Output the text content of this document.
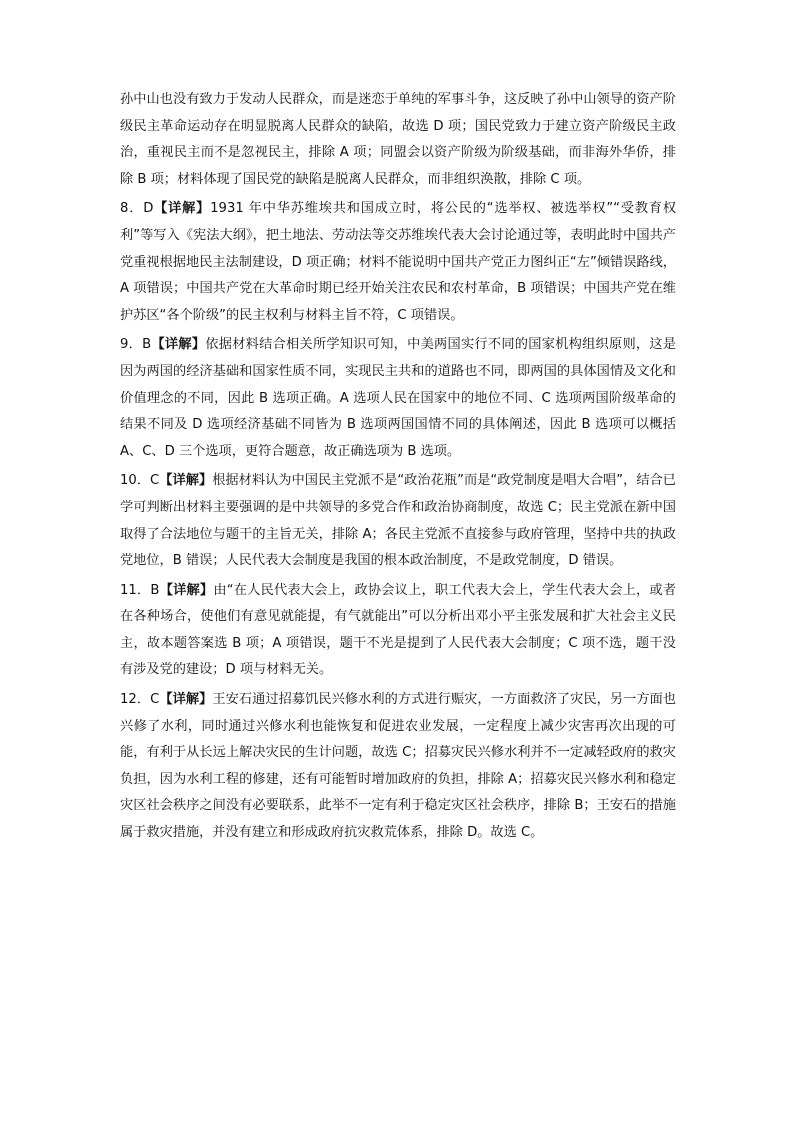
孙中山也没有致力于发动人民群众，而是迷恋于单纯的军事斗争，这反映了孙中山领导的资产阶级民主革命运动存在明显脱离人民群众的缺陷，故选 D 项；国民党致力于建立资产阶级民主政治，重视民主而不是忽视民主，排除 A 项；同盟会以资产阶级为阶级基础，而非海外华侨，排除 B 项；材料体现了国民党的缺陷是脱离人民群众，而非组织涣散，排除 C 项。

8．D【详解】1931 年中华苏维埃共和国成立时，将公民的“选举权、被选举权”“受教育权利”等写入《宪法大纲》，把土地法、劳动法等交苏维埃代表大会讨论通过等，表明此时中国共产党重视根据地民主法制建设，D 项正确；材料不能说明中国共产党正力图纠正“左”倾错误路线，A 项错误；中国共产党在大革命时期已经开始关注农民和农村革命，B 项错误；中国共产党在维护苏区“各个阶级”的民主权利与材料主旨不符，C 项错误。

9．B【详解】依据材料结合相关所学知识可知，中美两国实行不同的国家机构组织原则，这是因为两国的经济基础和国家性质不同，实现民主共和的道路也不同，即两国的具体国情及文化和价值理念的不同，因此 B 选项正确。A 选项人民在国家中的地位不同、C 选项两国阶级革命的结果不同及 D 选项经济基础不同皆为 B 选项两国国情不同的具体阐述，因此 B 选项可以概括 A、C、D 三个选项，更符合题意，故正确选项为 B 选项。

10．C【详解】根据材料认为中国民主党派不是“政治花瓶”而是“政党制度是唱大合唱”，结合已学可判断出材料主要强调的是中共领导的多党合作和政治协商制度，故选 C；民主党派在新中国取得了合法地位与题干的主旨无关，排除 A；各民主党派不直接参与政府管理，坚持中共的执政党地位，B 错误；人民代表大会制度是我国的根本政治制度，不是政党制度，D 错误。

11．B【详解】由“在人民代表大会上，政协会议上，职工代表大会上，学生代表大会上，或者在各种场合，使他们有意见就能提，有气就能出”可以分析出邓小平主张发展和扩大社会主义民主，故本题答案选 B 项；A 项错误，题干不光是提到了人民代表大会制度；C 项不选，题干没有涉及党的建设；D 项与材料无关。

12．C【详解】王安石通过招募饥民兴修水利的方式进行赈灾，一方面救济了灾民，另一方面也兴修了水利，同时通过兴修水利也能恢复和促进农业发展，一定程度上减少灾害再次出现的可能，有利于从长远上解决灾民的生计问题，故选 C；招募灾民兴修水利并不一定减轻政府的救灾负担，因为水利工程的修建，还有可能暂时增加政府的负担，排除 A；招募灾民兴修水利和稳定灾区社会秩序之间没有必要联系，此举不一定有利于稳定灾区社会秩序，排除 B；王安石的措施属于救灾措施，并没有建立和形成政府抗灾救荒体系，排除 D。故选 C。
